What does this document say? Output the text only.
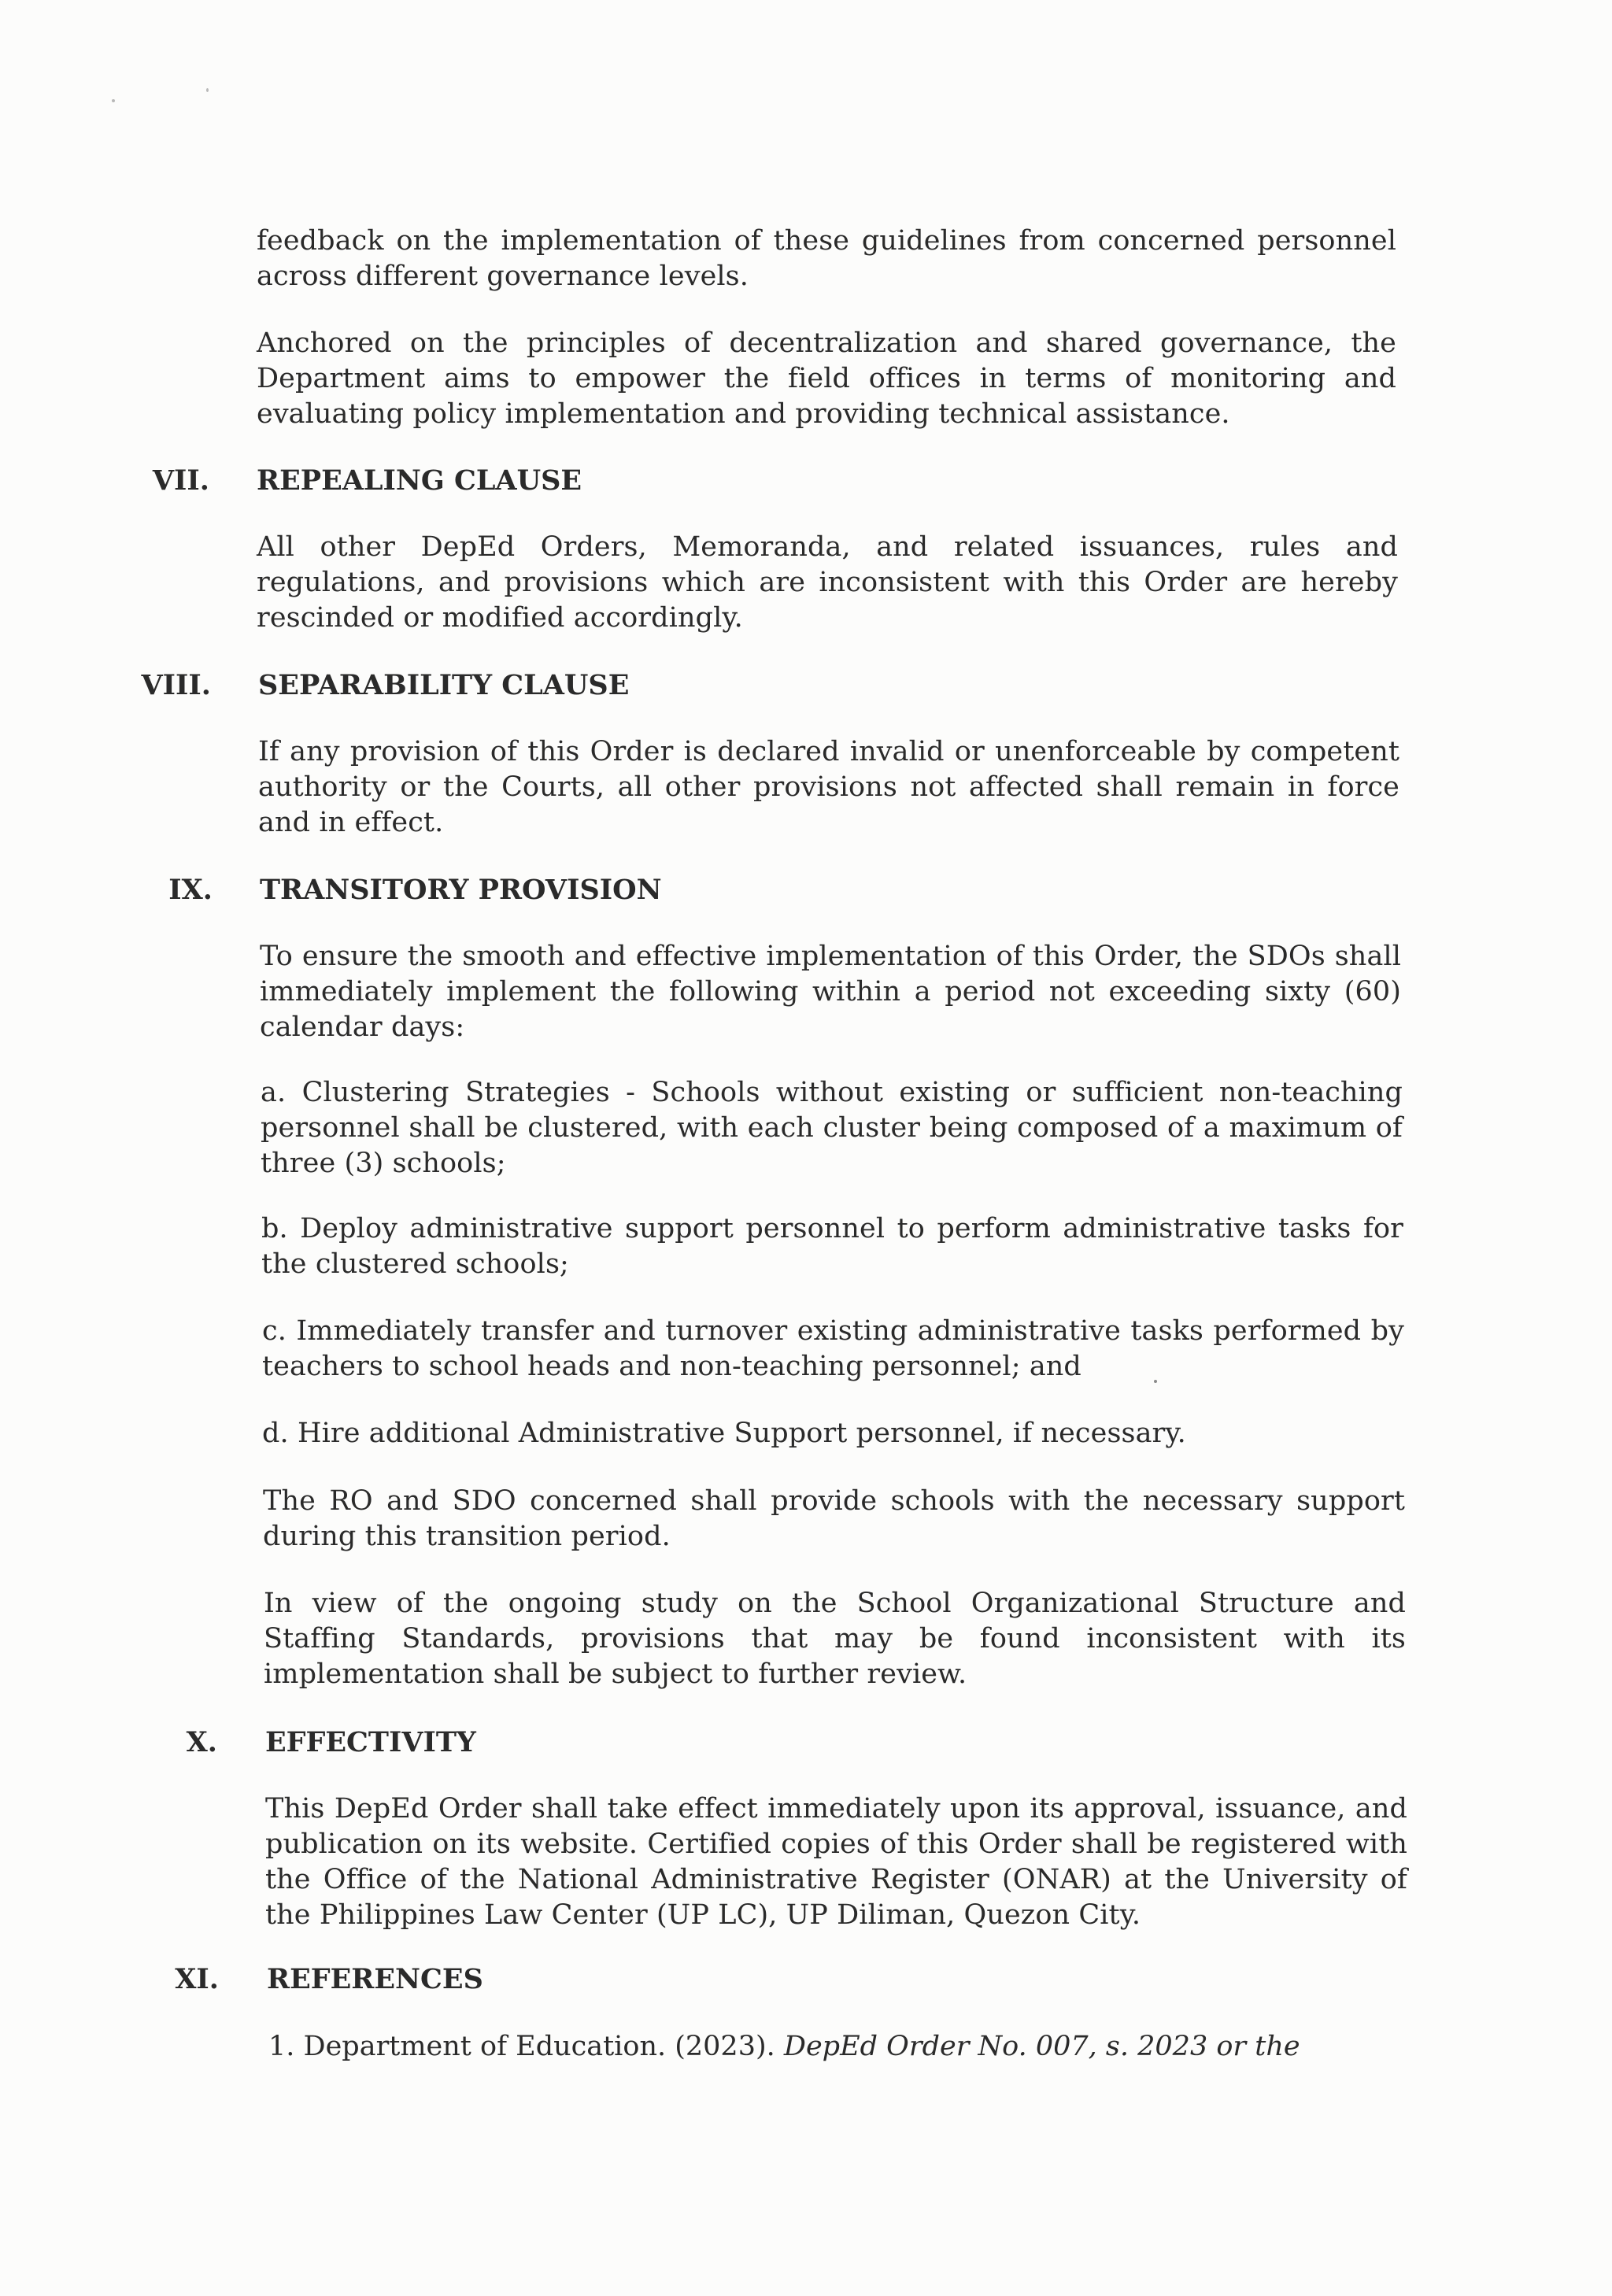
feedback on the implementation of these guidelines from concerned personnel across different governance levels.

Anchored on the principles of decentralization and shared governance, the Department aims to empower the field offices in terms of monitoring and evaluating policy implementation and providing technical assistance.

VII. REPEALING CLAUSE

All other DepEd Orders, Memoranda, and related issuances, rules and regulations, and provisions which are inconsistent with this Order are hereby rescinded or modified accordingly.

VIII. SEPARABILITY CLAUSE

If any provision of this Order is declared invalid or unenforceable by competent authority or the Courts, all other provisions not affected shall remain in force and in effect.

IX. TRANSITORY PROVISION

To ensure the smooth and effective implementation of this Order, the SDOs shall immediately implement the following within a period not exceeding sixty (60) calendar days:

a. Clustering Strategies - Schools without existing or sufficient non-teaching personnel shall be clustered, with each cluster being composed of a maximum of three (3) schools;

b. Deploy administrative support personnel to perform administrative tasks for the clustered schools;

c. Immediately transfer and turnover existing administrative tasks performed by teachers to school heads and non-teaching personnel; and

d. Hire additional Administrative Support personnel, if necessary.

The RO and SDO concerned shall provide schools with the necessary support during this transition period.

In view of the ongoing study on the School Organizational Structure and Staffing Standards, provisions that may be found inconsistent with its implementation shall be subject to further review.

X. EFFECTIVITY

This DepEd Order shall take effect immediately upon its approval, issuance, and publication on its website. Certified copies of this Order shall be registered with the Office of the National Administrative Register (ONAR) at the University of the Philippines Law Center (UP LC), UP Diliman, Quezon City.

XI. REFERENCES
1. Department of Education. (2023). DepEd Order No. 007, s. 2023 or the
